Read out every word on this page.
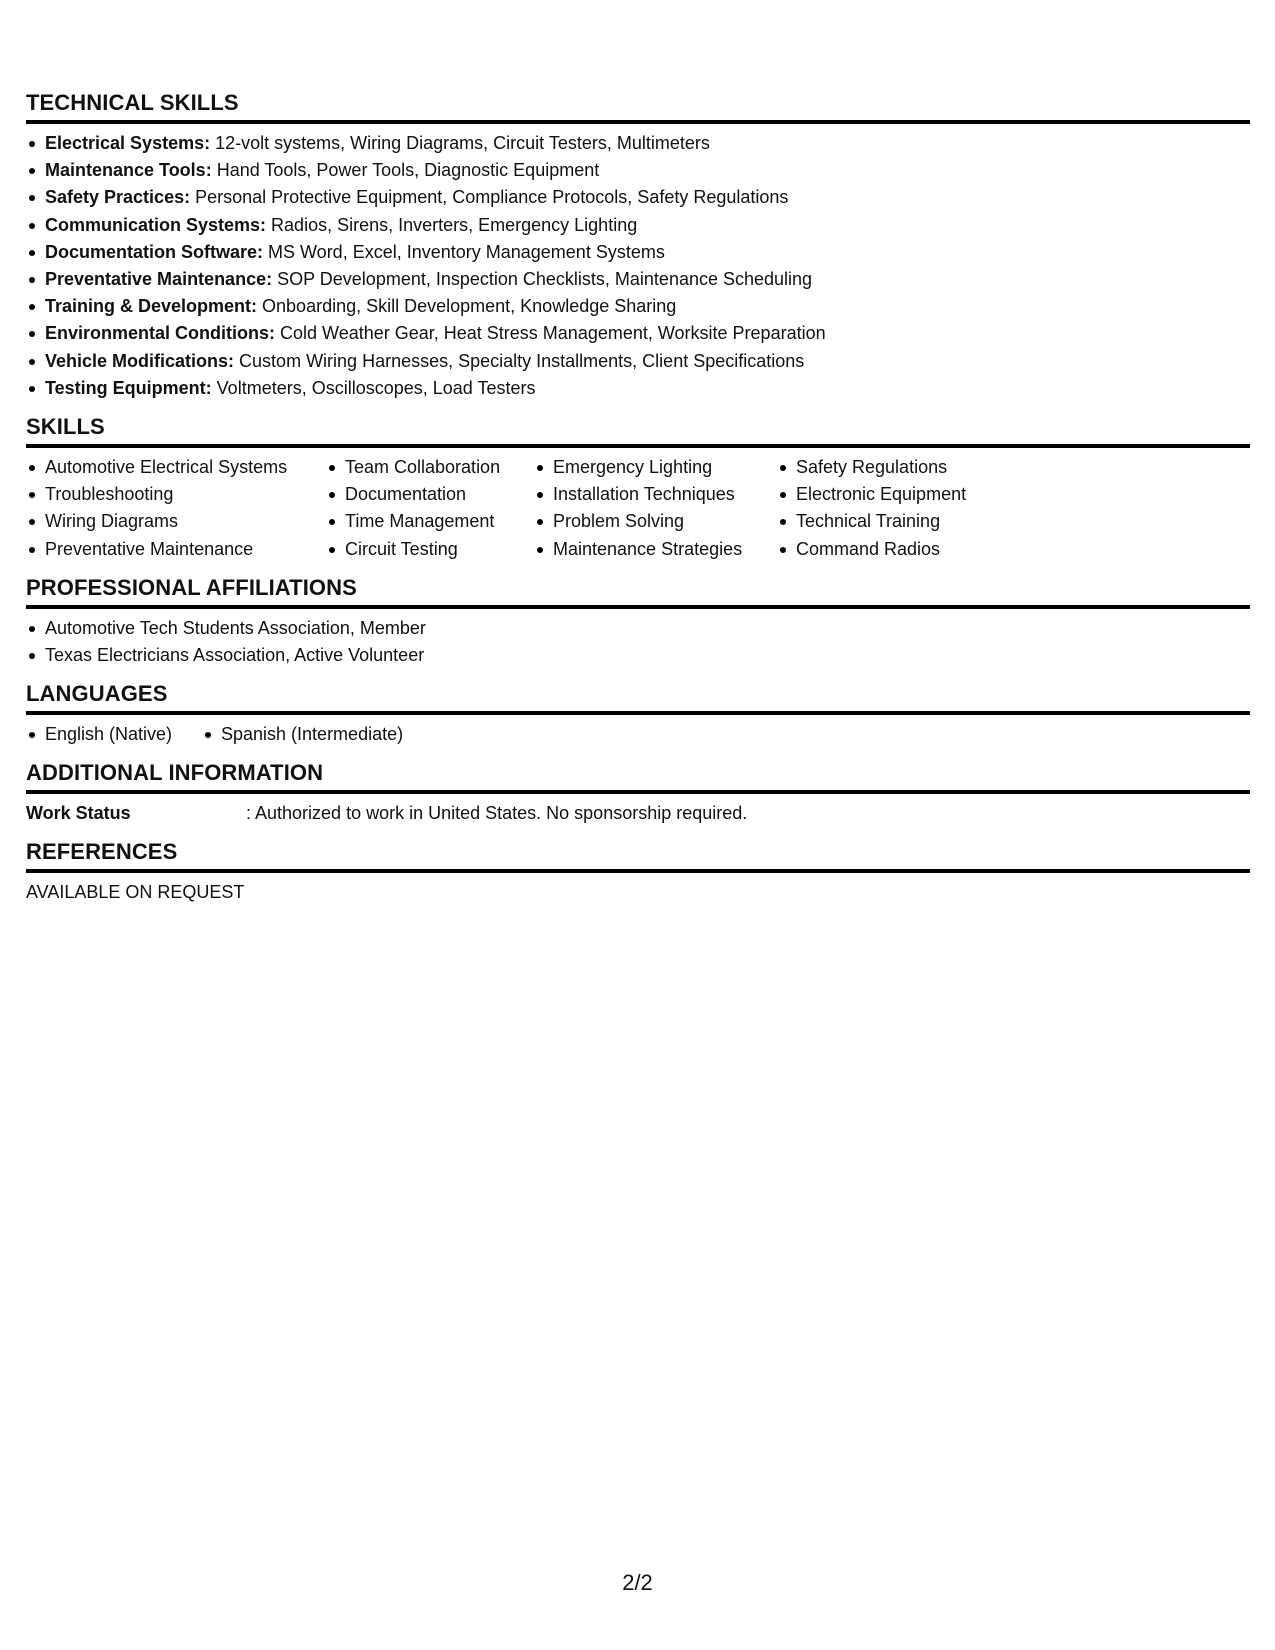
TECHNICAL SKILLS
Electrical Systems: 12-volt systems, Wiring Diagrams, Circuit Testers, Multimeters
Maintenance Tools: Hand Tools, Power Tools, Diagnostic Equipment
Safety Practices: Personal Protective Equipment, Compliance Protocols, Safety Regulations
Communication Systems: Radios, Sirens, Inverters, Emergency Lighting
Documentation Software: MS Word, Excel, Inventory Management Systems
Preventative Maintenance: SOP Development, Inspection Checklists, Maintenance Scheduling
Training & Development: Onboarding, Skill Development, Knowledge Sharing
Environmental Conditions: Cold Weather Gear, Heat Stress Management, Worksite Preparation
Vehicle Modifications: Custom Wiring Harnesses, Specialty Installments, Client Specifications
Testing Equipment: Voltmeters, Oscilloscopes, Load Testers
SKILLS
Automotive Electrical Systems
Troubleshooting
Wiring Diagrams
Preventative Maintenance
Team Collaboration
Documentation
Time Management
Circuit Testing
Emergency Lighting
Installation Techniques
Problem Solving
Maintenance Strategies
Safety Regulations
Electronic Equipment
Technical Training
Command Radios
PROFESSIONAL AFFILIATIONS
Automotive Tech Students Association, Member
Texas Electricians Association, Active Volunteer
LANGUAGES
English (Native)	Spanish (Intermediate)
ADDITIONAL INFORMATION
Work Status	: Authorized to work in United States. No sponsorship required.
REFERENCES
AVAILABLE ON REQUEST
2/2
